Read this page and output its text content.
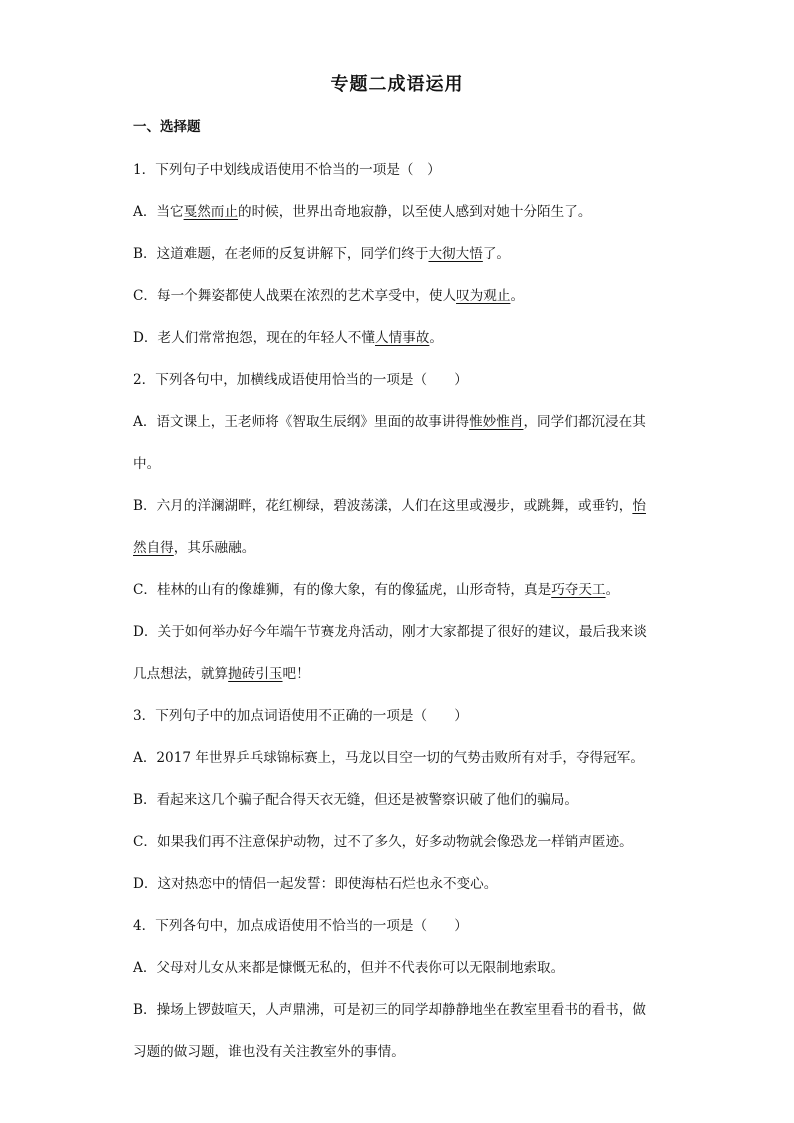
专题二成语运用
一、选择题
1．下列句子中划线成语使用不恰当的一项是（　）
A．当它戛然而止的时候，世界出奇地寂静，以至使人感到对她十分陌生了。
B．这道难题，在老师的反复讲解下，同学们终于大彻大悟了。
C．每一个舞姿都使人战栗在浓烈的艺术享受中，使人叹为观止。
D．老人们常常抱怨，现在的年轻人不懂人情事故。
2．下列各句中，加横线成语使用恰当的一项是（　　）
A．语文课上，王老师将《智取生辰纲》里面的故事讲得惟妙惟肖，同学们都沉浸在其
中。
B．六月的洋澜湖畔，花红柳绿，碧波荡漾，人们在这里或漫步，或跳舞，或垂钓，怡
然自得，其乐融融。
C．桂林的山有的像雄狮，有的像大象，有的像猛虎，山形奇特，真是巧夺天工。
D．关于如何举办好今年端午节赛龙舟活动，刚才大家都提了很好的建议，最后我来谈
几点想法，就算抛砖引玉吧！
3．下列句子中的加点词语使用不正确的一项是（　　）
A．2017 年世界乒乓球锦标赛上，马龙以目空一切的气势击败所有对手，夺得冠军。
B．看起来这几个骗子配合得天衣无缝，但还是被警察识破了他们的骗局。
C．如果我们再不注意保护动物，过不了多久，好多动物就会像恐龙一样销声匿迹。
D．这对热恋中的情侣一起发誓：即使海枯石烂也永不变心。
4．下列各句中，加点成语使用不恰当的一项是（　　）
A．父母对儿女从来都是慷慨无私的，但并不代表你可以无限制地索取。
B．操场上锣鼓喧天，人声鼎沸，可是初三的同学却静静地坐在教室里看书的看书，做
习题的做习题，谁也没有关注教室外的事情。
